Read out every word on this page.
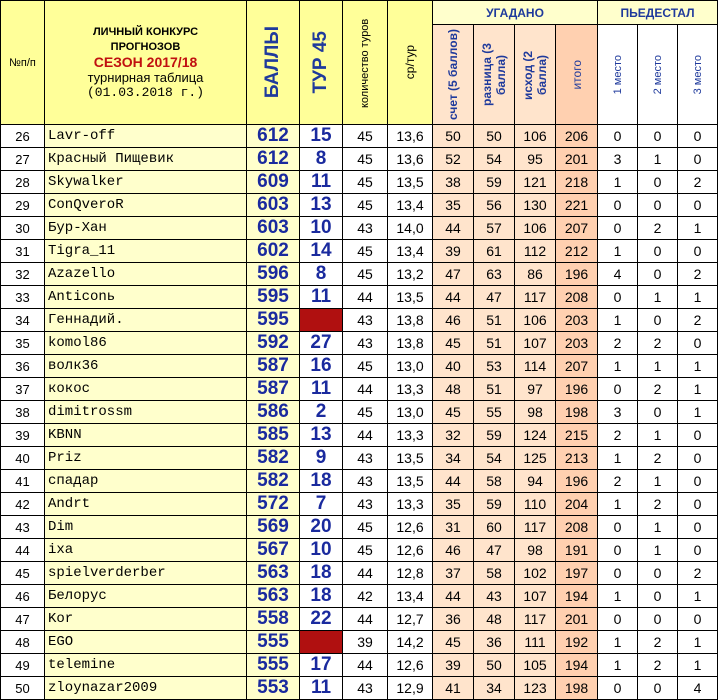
№п/п	ЛИЧНЫЙ КОНКУРС
ПРОГНОЗОВ
СЕЗОН 2017/18
турнирная таблица
(01.03.2018 г.)	БАЛЛЫ	ТУР 45	количество туров	ср/тур	УГАДАНО				ПЬЕДЕСТАЛ		

						счет (5 баллов)	разница (3 балла)	исход (2 балла)	итого	1 место	2 место	3 место

26	Lavr-off	612	15	45	13,6	50	50	106	206	0	0	0
27	Красный Пищевик	612	8	45	13,6	52	54	95	201	3	1	0
28	Skywalker	609	11	45	13,5	38	59	121	218	1	0	2
29	ConQveroR	603	13	45	13,4	35	56	130	221	0	0	0
30	Бур-Хан	603	10	43	14,0	44	57	106	207	0	2	1
31	Tigra_11	602	14	45	13,4	39	61	112	212	1	0	0
32	Azazello	596	8	45	13,2	47	63	86	196	4	0	2
33	Anticonь	595	11	44	13,5	44	47	117	208	0	1	1
34	Геннадий.	595		43	13,8	46	51	106	203	1	0	2
35	komol86	592	27	43	13,8	45	51	107	203	2	2	0
36	волк36	587	16	45	13,0	40	53	114	207	1	1	1
37	кокос	587	11	44	13,3	48	51	97	196	0	2	1
38	dimitrossm	586	2	45	13,0	45	55	98	198	3	0	1
39	KBNN	585	13	44	13,3	32	59	124	215	2	1	0
40	Priz	582	9	43	13,5	34	54	125	213	1	2	0
41	спадар	582	18	43	13,5	44	58	94	196	2	1	0
42	Andrt	572	7	43	13,3	35	59	110	204	1	2	0
43	Dim	569	20	45	12,6	31	60	117	208	0	1	0
44	ixa	567	10	45	12,6	46	47	98	191	0	1	0
45	spielverderber	563	18	44	12,8	37	58	102	197	0	0	2
46	Белорус	563	18	42	13,4	44	43	107	194	1	0	1
47	Kor	558	22	44	12,7	36	48	117	201	0	0	0
48	EGO	555		39	14,2	45	36	111	192	1	2	1
49	telemine	555	17	44	12,6	39	50	105	194	1	2	1
50	zloynazar2009	553	11	43	12,9	41	34	123	198	0	0	4
